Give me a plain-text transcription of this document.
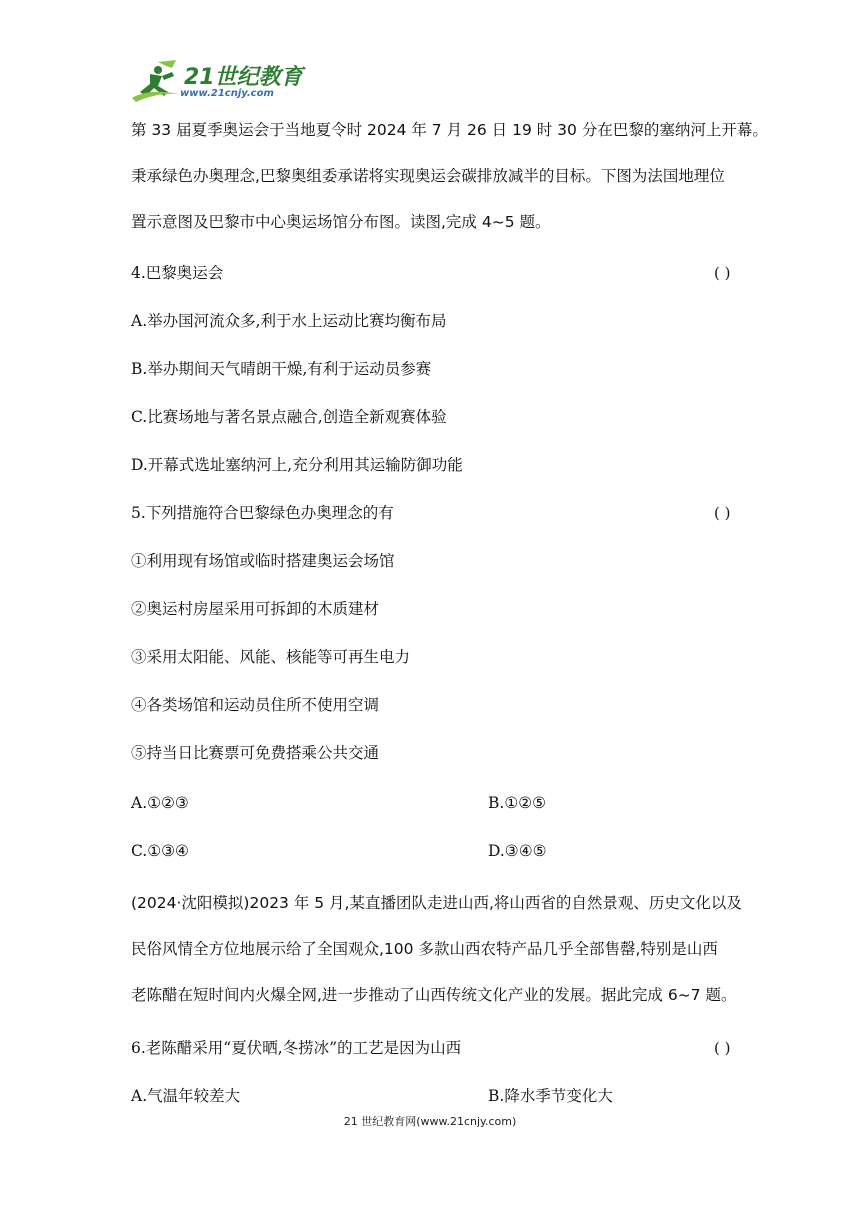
21世纪教育
www.21cnjy.com
第 33 届夏季奥运会于当地夏令时 2024 年 7 月 26 日 19 时 30 分在巴黎的塞纳河上开幕。
秉承绿色办奥理念,巴黎奥组委承诺将实现奥运会碳排放减半的目标。下图为法国地理位
置示意图及巴黎市中心奥运场馆分布图。读图,完成 4~5 题。
4.巴黎奥运会	( )
A.举办国河流众多,利于水上运动比赛均衡布局
B.举办期间天气晴朗干燥,有利于运动员参赛
C.比赛场地与著名景点融合,创造全新观赛体验
D.开幕式选址塞纳河上,充分利用其运输防御功能
5.下列措施符合巴黎绿色办奥理念的有	( )
①利用现有场馆或临时搭建奥运会场馆
②奥运村房屋采用可拆卸的木质建材
③采用太阳能、风能、核能等可再生电力
④各类场馆和运动员住所不使用空调
⑤持当日比赛票可免费搭乘公共交通
A.①②③	B.①②⑤
C.①③④	D.③④⑤
(2024·沈阳模拟)2023 年 5 月,某直播团队走进山西,将山西省的自然景观、历史文化以及
民俗风情全方位地展示给了全国观众,100 多款山西农特产品几乎全部售罄,特别是山西
老陈醋在短时间内火爆全网,进一步推动了山西传统文化产业的发展。据此完成 6~7 题。
6.老陈醋采用“夏伏晒,冬捞冰”的工艺是因为山西	( )
A.气温年较差大	B.降水季节变化大
21 世纪教育网(www.21cnjy.com)
